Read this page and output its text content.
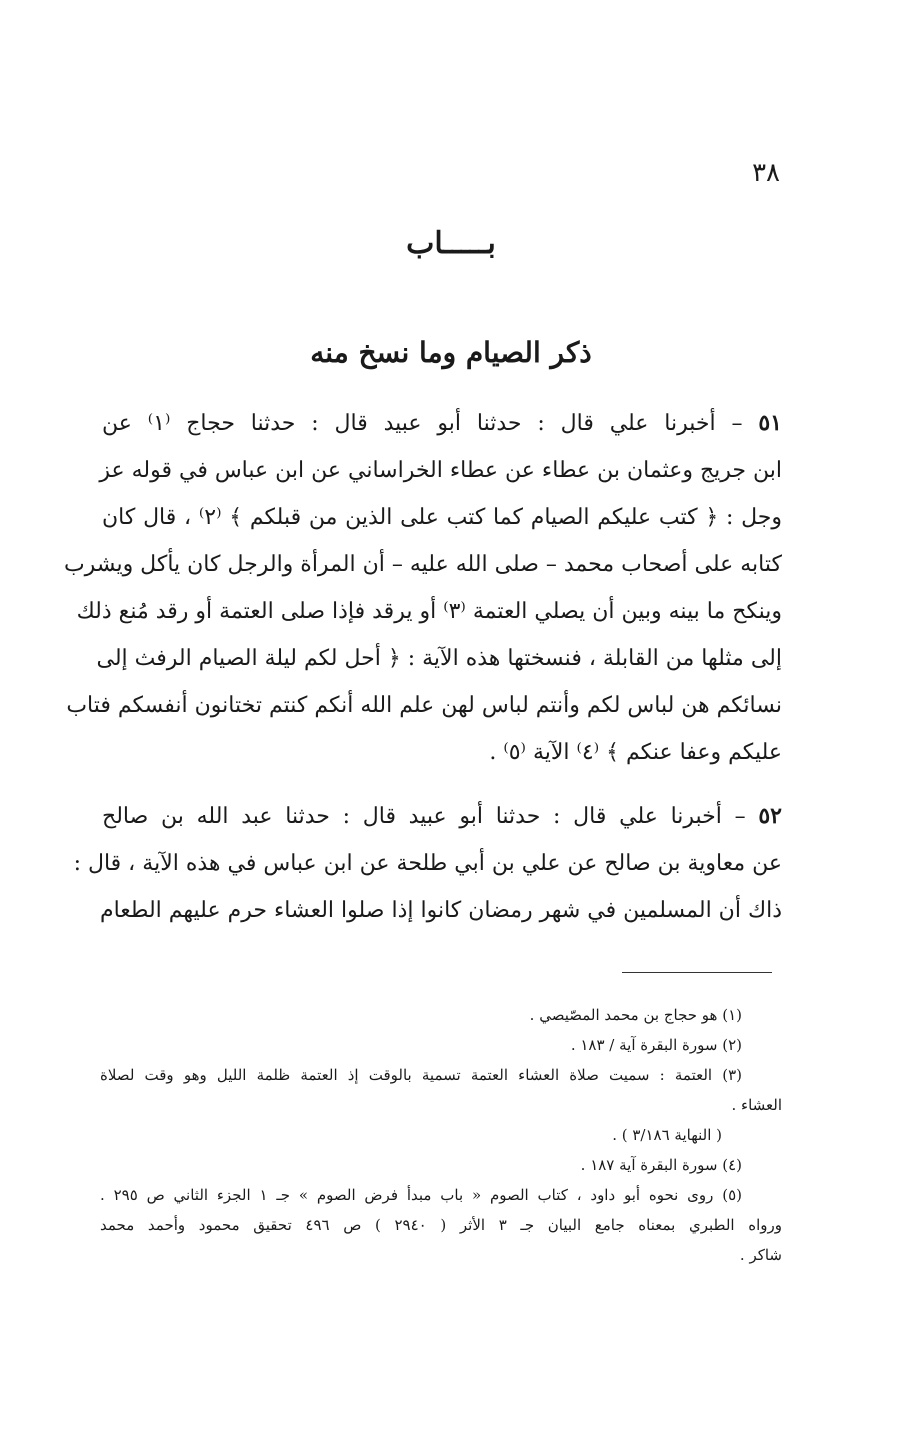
٣٨
بـــــاب
ذكر الصيام وما نسخ منه
٥١ – أخبرنا علي قال : حدثنا أبو عبيد قال : حدثنا حجاج ⁽١⁾ عن
ابن جريج وعثمان بن عطاء عن عطاء الخراساني عن ابن عباس في قوله عز
وجل : ﴿ كتب عليكم الصيام كما كتب على الذين من قبلكم ﴾ ⁽٢⁾ ، قال كان
كتابه على أصحاب محمد – صلى الله عليه – أن المرأة والرجل كان يأكل ويشرب
وينكح ما بينه وبين أن يصلي العتمة ⁽٣⁾ أو يرقد فإذا صلى العتمة أو رقد مُنع ذلك
إلى مثلها من القابلة ، فنسختها هذه الآية : ﴿ أحل لكم ليلة الصيام الرفث إلى
نسائكم هن لباس لكم وأنتم لباس لهن علم الله أنكم كنتم تختانون أنفسكم فتاب
عليكم وعفا عنكم ﴾ ⁽٤⁾ الآية ⁽٥⁾ .
٥٢ – أخبرنا علي قال : حدثنا أبو عبيد قال : حدثنا عبد الله بن صالح
عن معاوية بن صالح عن علي بن أبي طلحة عن ابن عباس في هذه الآية ، قال :
ذاك أن المسلمين في شهر رمضان كانوا إذا صلوا العشاء حرم عليهم الطعام
(١) هو حجاج بن محمد المصّيصي .
(٢) سورة البقرة آية / ١٨٣ .
(٣) العتمة : سميت صلاة العشاء العتمة تسمية بالوقت إذ العتمة ظلمة الليل وهو وقت لصلاة
العشاء .
( النهاية ٣/١٨٦ ) .
(٤) سورة البقرة آية ١٨٧ .
(٥) روى نحوه أبو داود ، كتاب الصوم « باب مبدأ فرض الصوم » جـ ١ الجزء الثاني ص ٢٩٥ .
ورواه الطبري بمعناه جامع البيان جـ ٣ الأثر ( ٢٩٤٠ ) ص ٤٩٦ تحقيق محمود وأحمد محمد
شاكر .
